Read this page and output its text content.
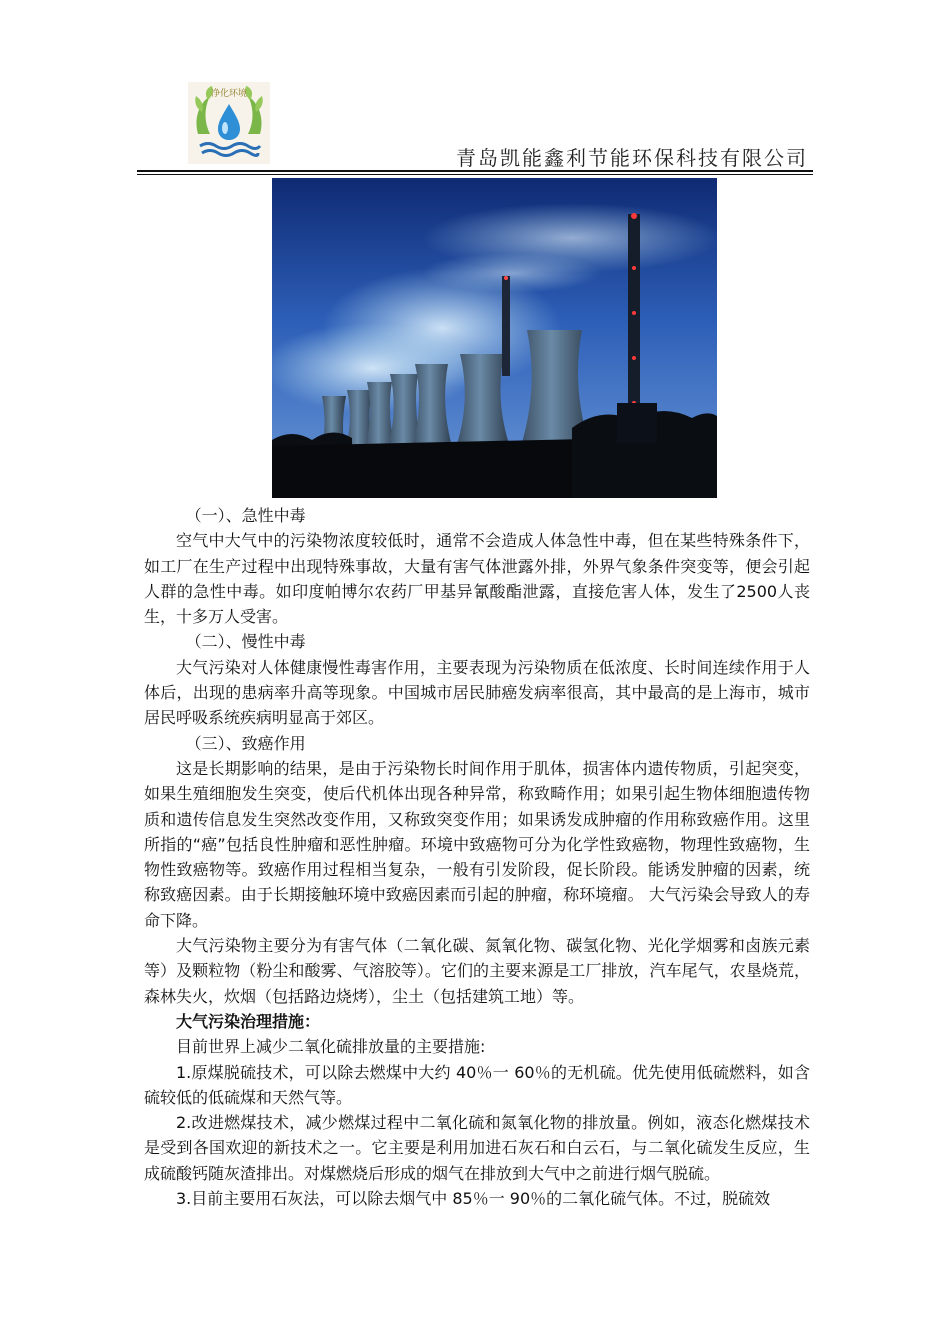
净化环境
青岛凯能鑫利节能环保科技有限公司

（一）、急性中毒

空气中大气中的污染物浓度较低时，通常不会造成人体急性中毒，但在某些特殊条件下，如工厂在生产过程中出现特殊事故，大量有害气体泄露外排，外界气象条件突变等，便会引起人群的急性中毒。如印度帕博尔农药厂甲基异氰酸酯泄露，直接危害人体，发生了2500人丧生，十多万人受害。

（二）、慢性中毒

大气污染对人体健康慢性毒害作用，主要表现为污染物质在低浓度、长时间连续作用于人体后，出现的患病率升高等现象。中国城市居民肺癌发病率很高，其中最高的是上海市，城市居民呼吸系统疾病明显高于郊区。

（三）、致癌作用

这是长期影响的结果，是由于污染物长时间作用于肌体，损害体内遗传物质，引起突变，如果生殖细胞发生突变，使后代机体出现各种异常，称致畸作用；如果引起生物体细胞遗传物质和遗传信息发生突然改变作用，又称致突变作用；如果诱发成肿瘤的作用称致癌作用。这里所指的“癌”包括良性肿瘤和恶性肿瘤。环境中致癌物可分为化学性致癌物，物理性致癌物，生物性致癌物等。致癌作用过程相当复杂，一般有引发阶段，促长阶段。能诱发肿瘤的因素，统称致癌因素。由于长期接触环境中致癌因素而引起的肿瘤，称环境瘤。 大气污染会导致人的寿命下降。

大气污染物主要分为有害气体（二氧化碳、氮氧化物、碳氢化物、光化学烟雾和卤族元素等）及颗粒物（粉尘和酸雾、气溶胶等）。它们的主要来源是工厂排放，汽车尾气，农垦烧荒，森林失火，炊烟（包括路边烧烤），尘土（包括建筑工地）等。

大气污染治理措施：

目前世界上减少二氧化硫排放量的主要措施:

1.原煤脱硫技术，可以除去燃煤中大约 40％一 60％的无机硫。优先使用低硫燃料，如含硫较低的低硫煤和天然气等。

2.改进燃煤技术，减少燃煤过程中二氧化硫和氮氧化物的排放量。例如，液态化燃煤技术是受到各国欢迎的新技术之一。它主要是利用加进石灰石和白云石，与二氧化硫发生反应，生成硫酸钙随灰渣排出。对煤燃烧后形成的烟气在排放到大气中之前进行烟气脱硫。

3.目前主要用石灰法，可以除去烟气中 85％一 90％的二氧化硫气体。不过，脱硫效
